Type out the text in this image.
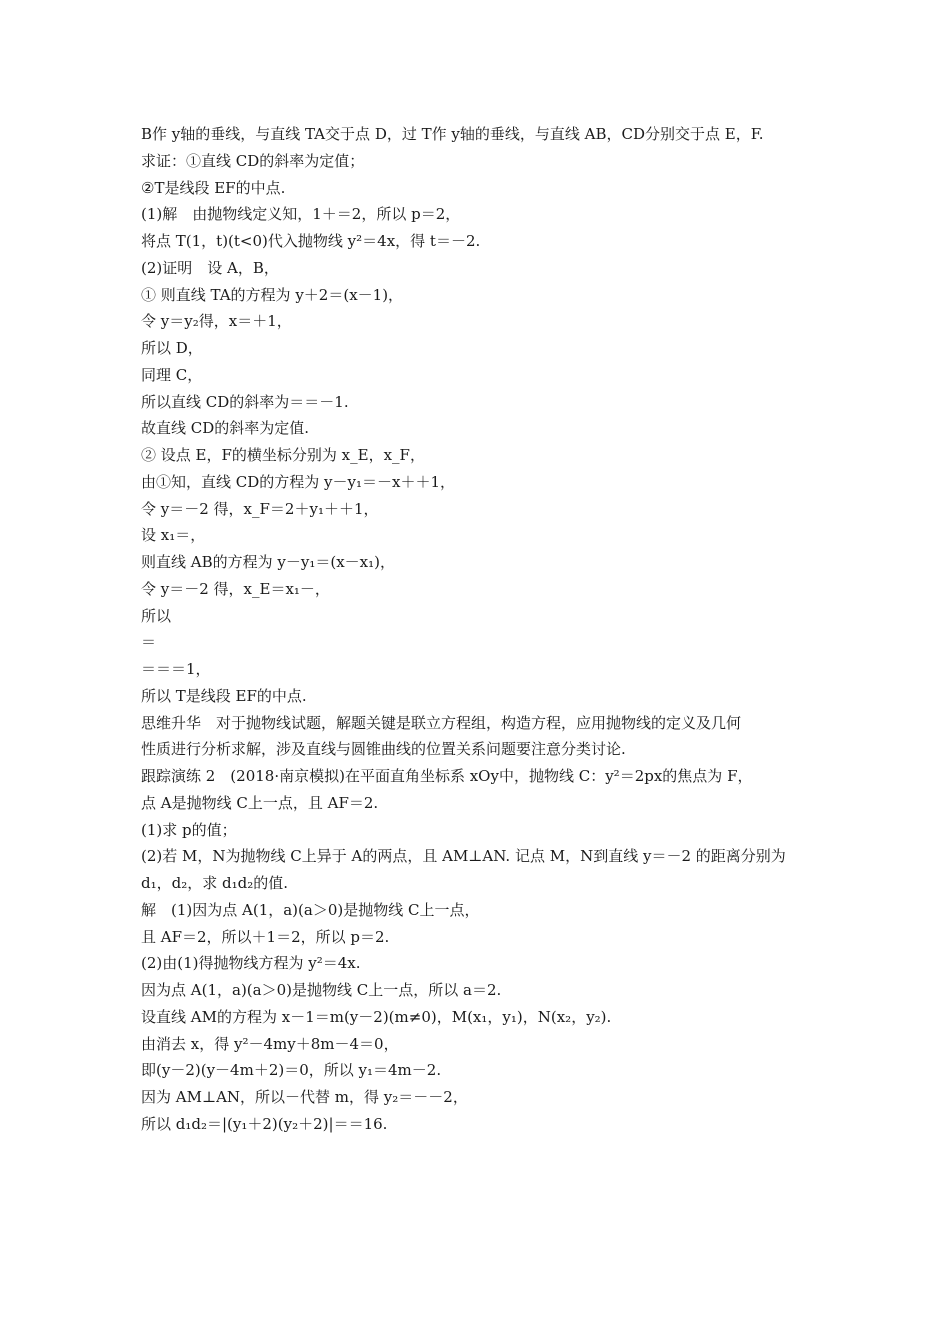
B作 y轴的垂线，与直线 TA交于点 D，过 T作 y轴的垂线，与直线 AB，CD分别交于点 E，F.
求证：①直线 CD的斜率为定值；
②T是线段 EF的中点.
(1)解　由抛物线定义知，1＋＝2，所以 p＝2，
将点 T(1，t)(t<0)代入抛物线 y²＝4x，得 t＝－2.
(2)证明　设 A，B，
① 则直线 TA的方程为 y＋2＝(x－1)，
令 y＝y₂得，x＝＋1，
所以 D，
同理 C，
所以直线 CD的斜率为＝＝－1.
故直线 CD的斜率为定值.
② 设点 E，F的横坐标分别为 x_E，x_F，
由①知，直线 CD的方程为 y－y₁＝－x＋＋1，
令 y＝－2 得，x_F＝2＋y₁＋＋1，
设 x₁＝，
则直线 AB的方程为 y－y₁＝(x－x₁)，
令 y＝－2 得，x_E＝x₁－，
所以
＝
＝＝＝1，
所以 T是线段 EF的中点.
思维升华　对于抛物线试题，解题关键是联立方程组，构造方程，应用抛物线的定义及几何
性质进行分析求解，涉及直线与圆锥曲线的位置关系问题要注意分类讨论.
跟踪演练 2　(2018·南京模拟)在平面直角坐标系 xOy中，抛物线 C：y²＝2px的焦点为 F，
点 A是抛物线 C上一点，且 AF＝2.
(1)求 p的值；
(2)若 M，N为抛物线 C上异于 A的两点，且 AM⊥AN. 记点 M，N到直线 y＝－2 的距离分别为
d₁，d₂，求 d₁d₂的值.
解　(1)因为点 A(1，a)(a＞0)是抛物线 C上一点，
且 AF＝2，所以＋1＝2，所以 p＝2.
(2)由(1)得抛物线方程为 y²＝4x.
因为点 A(1，a)(a＞0)是抛物线 C上一点，所以 a＝2.
设直线 AM的方程为 x－1＝m(y－2)(m≠0)，M(x₁，y₁)，N(x₂，y₂).
由消去 x，得 y²－4my＋8m－4＝0，
即(y－2)(y－4m＋2)＝0，所以 y₁＝4m－2.
因为 AM⊥AN，所以－代替 m，得 y₂＝－－2，
所以 d₁d₂＝|(y₁＋2)(y₂＋2)|＝＝16.
